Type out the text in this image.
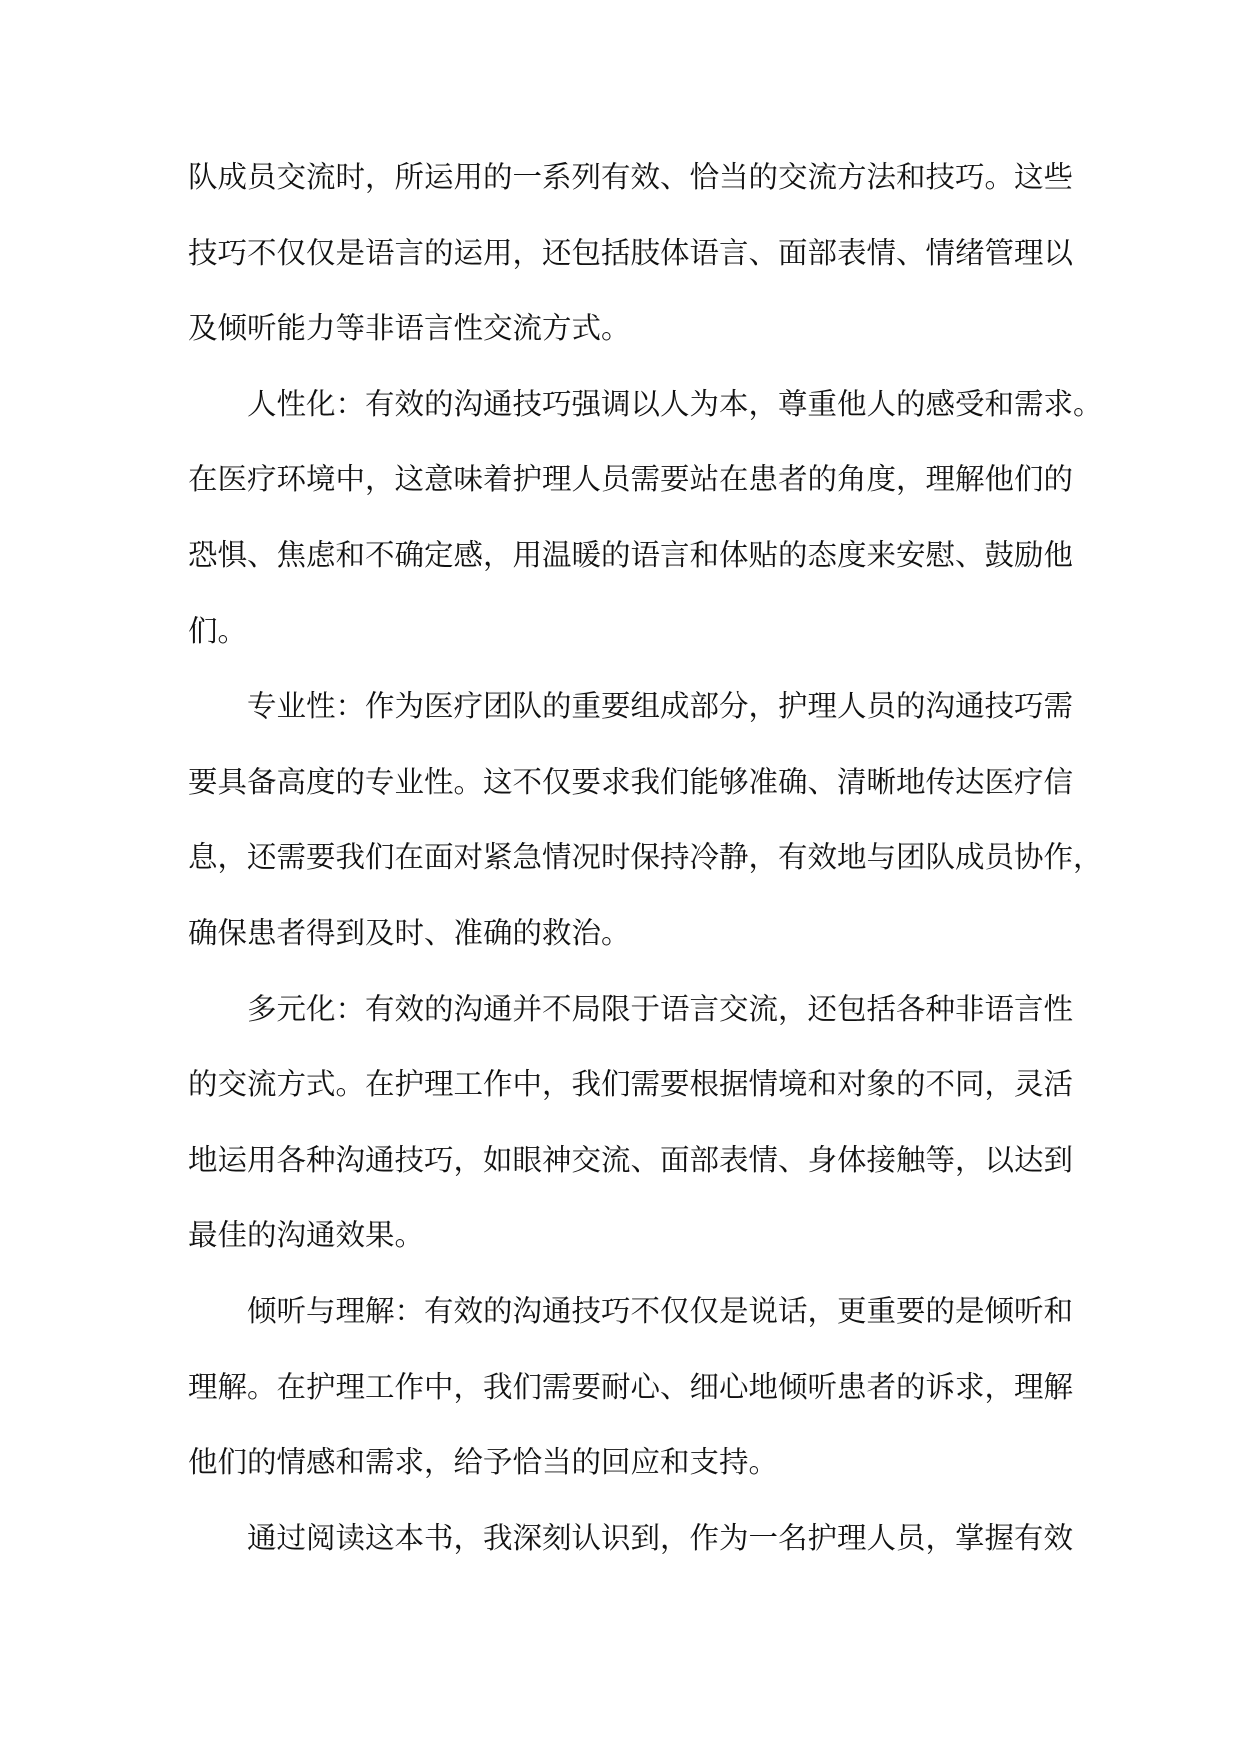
队成员交流时，所运用的一系列有效、恰当的交流方法和技巧。这些
技巧不仅仅是语言的运用，还包括肢体语言、面部表情、情绪管理以
及倾听能力等非语言性交流方式。
　　人性化：有效的沟通技巧强调以人为本，尊重他人的感受和需求。
在医疗环境中，这意味着护理人员需要站在患者的角度，理解他们的
恐惧、焦虑和不确定感，用温暖的语言和体贴的态度来安慰、鼓励他
们。
　　专业性：作为医疗团队的重要组成部分，护理人员的沟通技巧需
要具备高度的专业性。这不仅要求我们能够准确、清晰地传达医疗信
息，还需要我们在面对紧急情况时保持冷静，有效地与团队成员协作，
确保患者得到及时、准确的救治。
　　多元化：有效的沟通并不局限于语言交流，还包括各种非语言性
的交流方式。在护理工作中，我们需要根据情境和对象的不同，灵活
地运用各种沟通技巧，如眼神交流、面部表情、身体接触等，以达到
最佳的沟通效果。
　　倾听与理解：有效的沟通技巧不仅仅是说话，更重要的是倾听和
理解。在护理工作中，我们需要耐心、细心地倾听患者的诉求，理解
他们的情感和需求，给予恰当的回应和支持。
　　通过阅读这本书，我深刻认识到，作为一名护理人员，掌握有效
